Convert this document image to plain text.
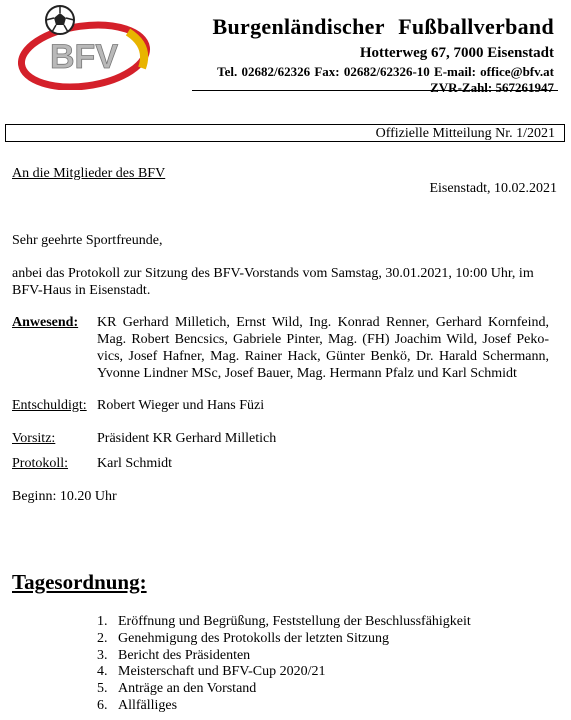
BFV
Burgenländischer Fußballverband
Hotterweg 67, 7000 Eisenstadt
Tel. 02682/62326 Fax: 02682/62326-10 E-mail: office@bfv.at
ZVR-Zahl: 567261947
Offizielle Mitteilung Nr. 1/2021
An die Mitglieder des BFV
Eisenstadt, 10.02.2021
Sehr geehrte Sportfreunde,
anbei das Protokoll zur Sitzung des BFV-Vorstands vom Samstag, 30.01.2021, 10:00 Uhr, im BFV-Haus in Eisenstadt.
Anwesend: KR Gerhard Milletich, Ernst Wild, Ing. Konrad Renner, Gerhard Kornfeind, Mag. Robert Bencsics, Gabriele Pinter, Mag. (FH) Joachim Wild, Josef Peko-vics, Josef Hafner, Mag. Rainer Hack, Günter Benkö, Dr. Harald Schermann, Yvonne Lindner MSc, Josef Bauer, Mag. Hermann Pfalz und Karl Schmidt
Entschuldigt: Robert Wieger und Hans Füzi
Vorsitz:	Präsident KR Gerhard Milletich
Protokoll: Karl Schmidt
Beginn: 10.20 Uhr
Tagesordnung:
1. Eröffnung und Begrüßung, Feststellung der Beschlussfähigkeit
2. Genehmigung des Protokolls der letzten Sitzung
3. Bericht des Präsidenten
4. Meisterschaft und BFV-Cup 2020/21
5. Anträge an den Vorstand
6. Allfälliges
